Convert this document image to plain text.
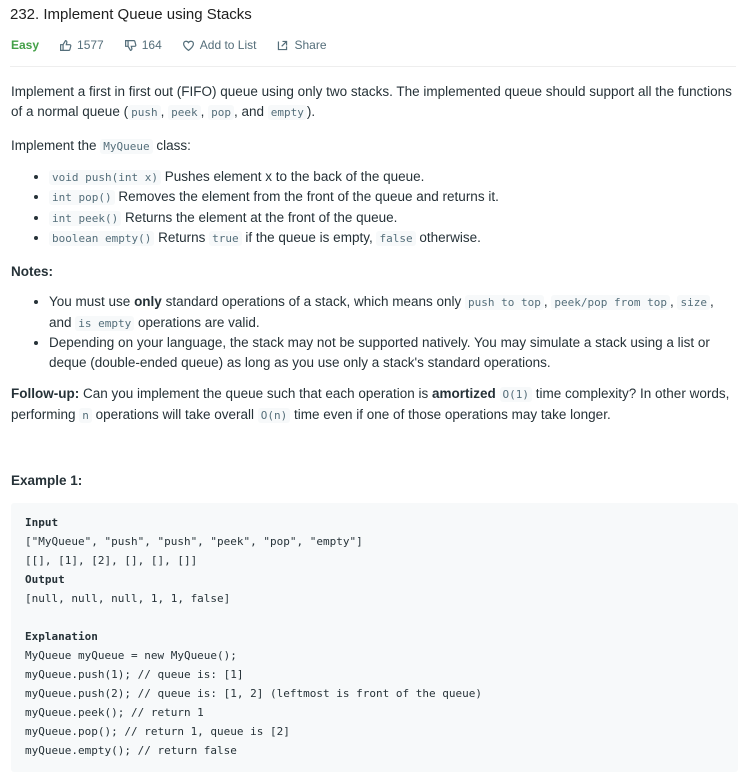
232. Implement Queue using Stacks
Easy	1577	164	Add to List	Share

Implement a first in first out (FIFO) queue using only two stacks. The implemented queue should support all the functions of a normal queue ( push , peek , pop , and empty ).

Implement the MyQueue class:

• void push(int x) Pushes element x to the back of the queue.
• int pop() Removes the element from the front of the queue and returns it.
• int peek() Returns the element at the front of the queue.
• boolean empty() Returns true if the queue is empty, false otherwise.

Notes:

• You must use only standard operations of a stack, which means only push to top , peek/pop from top , size , and is empty operations are valid.
• Depending on your language, the stack may not be supported natively. You may simulate a stack using a list or deque (double-ended queue) as long as you use only a stack's standard operations.

Follow-up: Can you implement the queue such that each operation is amortized O(1) time complexity? In other words, performing n operations will take overall O(n) time even if one of those operations may take longer.

Example 1:

Input
["MyQueue", "push", "push", "peek", "pop", "empty"]
[[], [1], [2], [], [], []]
Output
[null, null, null, 1, 1, false]

Explanation
MyQueue myQueue = new MyQueue();
myQueue.push(1); // queue is: [1]
myQueue.push(2); // queue is: [1, 2] (leftmost is front of the queue)
myQueue.peek(); // return 1
myQueue.pop(); // return 1, queue is [2]
myQueue.empty(); // return false
